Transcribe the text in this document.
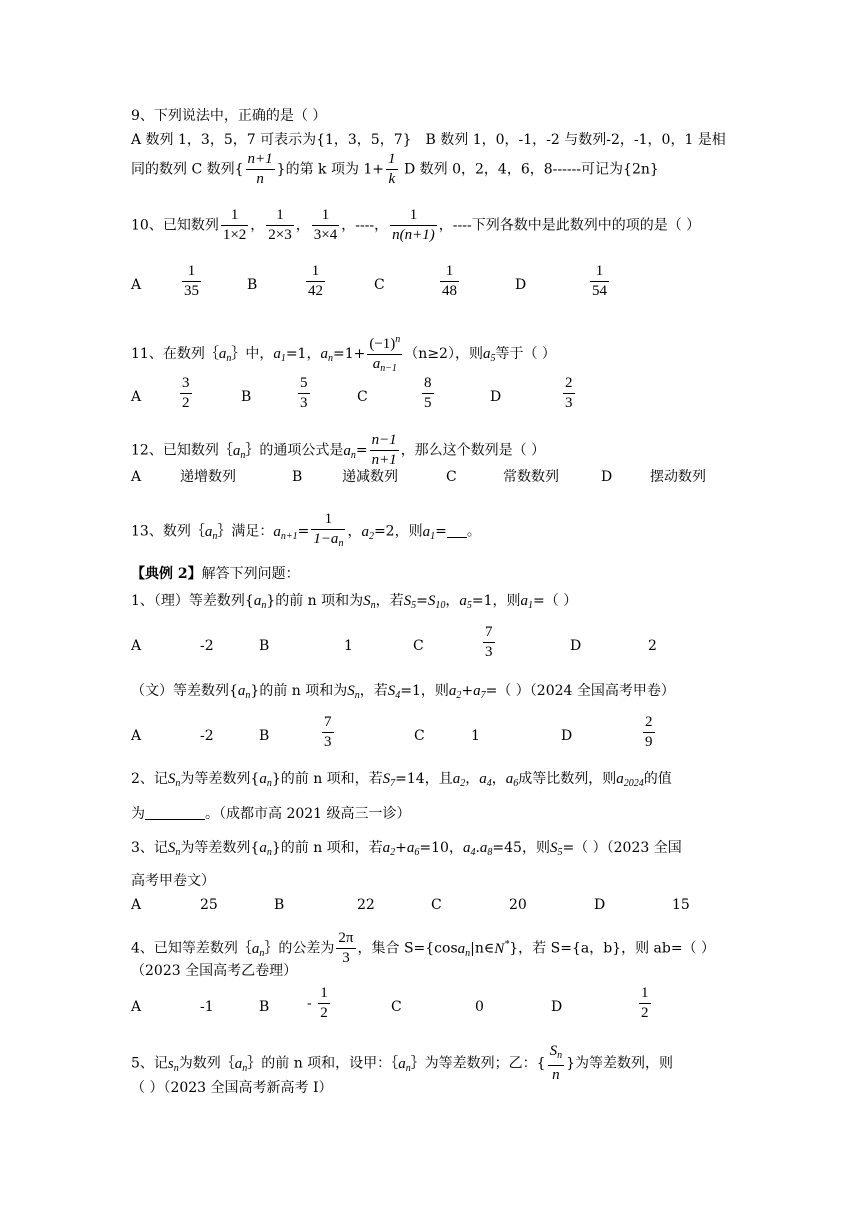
9、下列说法中，正确的是（ ）
A 数列 1，3，5，7 可表示为{1，3，5，7}　B 数列 1，0，-1，-2 与数列-2，-1，0，1 是相
同的数列 C 数列{ $\frac{n+1}{n}$ }的第 k 项为 $1+ \frac{1}{k}$ D 数列 0，2，4，6，8------可记为{2n}
10、已知数列 $\frac{1}{1\times 2}$ ， $\frac{1}{2\times 3}$ ， $\frac{1}{3\times 4}$ ，----， $\frac{1}{n(n+1)}$ ，----下列各数中是此数列中的项的是（ ）
A	$\frac{1}{35}$	B	$\frac{1}{42}$	C	$\frac{1}{48}$	D	$\frac{1}{54}$
11、在数列$\{a_n\}$中，$a_1=1$，$a_n=1+ \frac{(-1)^n}{a_{n-1}} (n\ge 2)$，则$a_5$等于（ ）
A	$\frac{3}{2}$	B	$\frac{5}{3}$	C	$\frac{8}{5}$	D	$\frac{2}{3}$
12、已知数列$\{a_n\}$的通项公式是$a_n= \frac{n-1}{n+1}$ ，那么这个数列是（ ）
A	递增数列	B	递减数列	C	常数数列	D	摆动数列
13、数列$\{a_n\}$满足：$a_{n+1}= \frac{1}{1-a_n}$ ，$a_2=2$，则$a_1=$ 。
【典例 2】解答下列问题：
1、（理）等差数列$\{a_n\}$的前 n 项和为$S_n$，若$S_5=S_{10}$，$a_5=1$，则$a_1=$（ ）
A	-2	B	1	C	$\frac{7}{3}$	D	2
（文）等差数列$\{a_n\}$的前 n 项和为$S_n$，若$S_4=1$，则$a_2+a_7=$（ ）（2024 全国高考甲卷）
A	-2	B	$\frac{7}{3}$	C	1	D	$\frac{2}{9}$
2、记$S_n$为等差数列$\{a_n\}$的前 n 项和，若$S_7=14$，且$a_2$，$a_4$，$a_6$成等比数列，则$a_{2024}$的值
为	。（成都市高 2021 级高三一诊）
3、记$S_n$为等差数列$\{a_n\}$的前 n 项和，若$a_2+a_6=10$，$a_4.a_8=45$，则$S_5=$（ ）（2023 全国
高考甲卷文）
A	25	B	22	C	20	D	15
4、已知等差数列$\{a_n\}$的公差为 $\frac{2\pi}{3}$ ，集合 S={cosa$_n$|n∈N*}，若 S={a，b}，则 ab=（ ）
（2023 全国高考乙卷理）
A	-1	B	- $\frac{1}{2}$	C	0	D	$\frac{1}{2}$
5、记$s_n$为数列$\{a_n\}$的前 n 项和，设甲：$\{a_n\}$为等差数列；乙：{ $\frac{S_n}{n}$ }为等差数列，则
（ ）（2023 全国高考新高考 I）
